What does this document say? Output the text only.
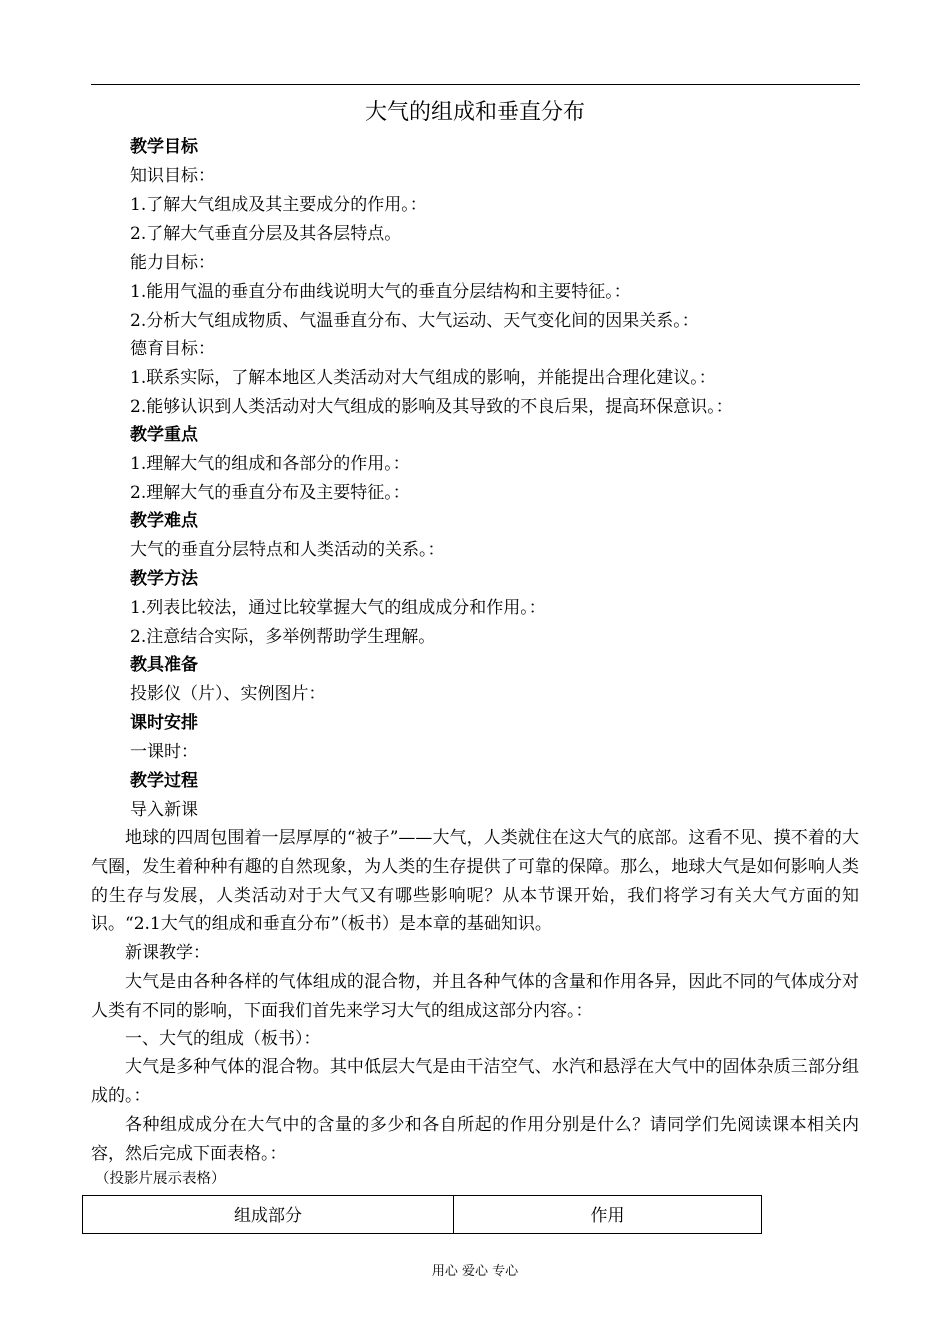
大气的组成和垂直分布
教学目标
知识目标：
1.了解大气组成及其主要成分的作用。：
2.了解大气垂直分层及其各层特点。
能力目标：
1.能用气温的垂直分布曲线说明大气的垂直分层结构和主要特征。：
2.分析大气组成物质、气温垂直分布、大气运动、天气变化间的因果关系。：
德育目标：
1.联系实际，了解本地区人类活动对大气组成的影响，并能提出合理化建议。：
2.能够认识到人类活动对大气组成的影响及其导致的不良后果，提高环保意识。：
教学重点
1.理解大气的组成和各部分的作用。：
2.理解大气的垂直分布及主要特征。：
教学难点
大气的垂直分层特点和人类活动的关系。：
教学方法
1.列表比较法，通过比较掌握大气的组成成分和作用。：
2.注意结合实际，多举例帮助学生理解。
教具准备
投影仪（片）、实例图片：
课时安排
一课时：
教学过程
导入新课
地球的四周包围着一层厚厚的“被子”——大气，人类就住在这大气的底部。这看不见、摸不着的大气圈，发生着种种有趣的自然现象，为人类的生存提供了可靠的保障。那么，地球大气是如何影响人类的生存与发展，人类活动对于大气又有哪些影响呢？从本节课开始，我们将学习有关大气方面的知识。“2.1大气的组成和垂直分布”（板书）是本章的基础知识。
新课教学：
大气是由各种各样的气体组成的混合物，并且各种气体的含量和作用各异，因此不同的气体成分对人类有不同的影响，下面我们首先来学习大气的组成这部分内容。：
一、大气的组成（板书）：
大气是多种气体的混合物。其中低层大气是由干洁空气、水汽和悬浮在大气中的固体杂质三部分组成的。：
各种组成成分在大气中的含量的多少和各自所起的作用分别是什么？请同学们先阅读课本相关内容，然后完成下面表格。：
（投影片展示表格）
组成部分	作用
用心 爱心 专心
